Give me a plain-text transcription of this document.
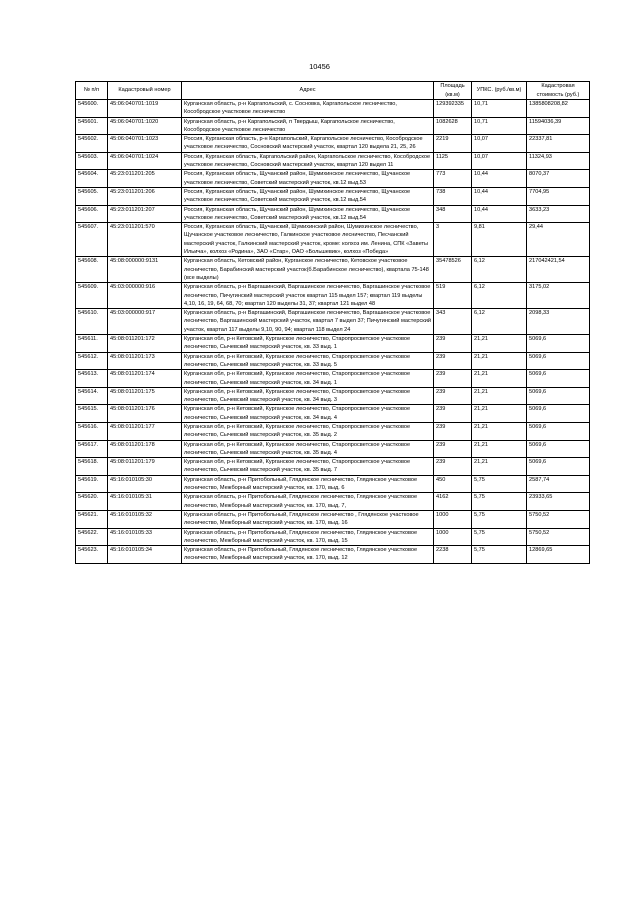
10456
№ п/п	Кадастровый номер	Адрес	Площадь (кв.м)	УПКС. (руб./кв.м)	Кадастровая стоимость (руб.)
545600.	45:06:040701:1019	Курганская область, р-н Каргапольский, с. Сосновка, Каргапольское лесничество, Кособродское участковое лесничество	129392335	10,71	1385808208,82
545601.	45:06:040701:1020	Курганская область, р-н Каргапольский, п Твердыш, Каргапольское лесничество, Кособродское участковое лесничество	1082628	10,71	11594036,39
545602.	45:06:040701:1023	Россия, Курганская область, р-н Каргапольский, Каргапольское лесничество, Кособродское участковое лесничество, Сосновский мастерский участок, квартал 120 выдела 21, 25, 26	2219	10,07	22337,81
545603.	45:06:040701:1024	Россия, Курганская область, Каргапольский район, Каргапольское лесничество, Кособродское участковое лесничество, Сосновский мастерский участок, квартал 120 выдел 11	1125	10,07	11324,93
545604.	45:23:011201:205	Россия, Курганская область, Щучанский район, Шумихинское лесничество, Щучанское участковое лесничество, Советский мастерский участок, кв.12 выд.53	773	10,44	8070,37
545605.	45:23:011201:206	Россия, Курганская область, Щучанский район, Шумихинское лесничество, Щучанское участковое лесничество, Советский мастерский участок, кв.12 выд.54	738	10,44	7704,95
545606.	45:23:011201:207	Россия, Курганская область, Щучанский район, Шумихинское лесничество, Щучанское участковое лесничество, Советский мастерский участок, кв.12 выд.54	348	10,44	3633,23
545607.	45:23:011201:570	Россия, Курганская область, Щучанский, Шумихинский район, Шумихинское лесничество, Щучанское участковое лесничество, Галкинское участковое лесничество, Песчанский мастерский участок, Галкинский мастерский участок, кроме: колхоз им. Ленина, СПК «Заветы Ильича», колхоз «Родина», ЗАО «Стар», ОАО «Большевик», колхоз «Победа»	3	9,81	29,44
545608.	45:08:000000:9131	Курганская область, Кетовский район, Курганское лесничество, Кетовское участковое лесничество, Барабинский мастерский участок(б.Барабинское лесничество), квартала 75-148 (все выделы)	35478526	6,12	217042421,54
545609.	45:03:000000:916	Курганская область, р-н Варгашинский, Варгашинское лесничество, Варгашинское участковое лесничество, Пичугинский мастерский участок квартал 115 выдел 157; квартал 119 выделы 4,10, 16, 19, 64, 68, 70; квартал 120 выделы 31, 37; квартал 121 выдел 48	519	6,12	3175,02
545610.	45:03:000000:917	Курганская область, р-н Варгашинский, Варгашинское лесничество, Варгашинское участковое лесничество, Варгашинский мастерский участок, квартал 7 выдел 37; Пичугинский мастерский участок, квартал 117 выделы 9,10, 90, 94; квартал 118 выдел 24	343	6,12	2098,33
545611.	45:08:011201:172	Курганская обл, р-н Кетовский, Курганское лесничество, Старопросветское участковое лесничество, Сычевский мастерский участок, кв. 33 выд. 1	239	21,21	5069,6
545612.	45:08:011201:173	Курганская обл, р-н Кетовский, Курганское лесничество, Старопросветское участковое лесничество, Сычевский мастерский участок, кв. 33 выд. 5	239	21,21	5069,6
545613.	45:08:011201:174	Курганская обл, р-н Кетовский, Курганское лесничество, Старопросветское участковое лесничество, Сычевский мастерский участок, кв. 34 выд. 1	239	21,21	5069,6
545614.	45:08:011201:175	Курганская обл, р-н Кетовский, Курганское лесничество, Старопросветское участковое лесничество, Сычевский мастерский участок, кв. 34 выд. 3	239	21,21	5069,6
545615.	45:08:011201:176	Курганская обл, р-н Кетовский, Курганское лесничество, Старопросветское участковое лесничество, Сычевский мастерский участок, кв. 34 выд. 4	239	21,21	5069,6
545616.	45:08:011201:177	Курганская обл, р-н Кетовский, Курганское лесничество, Старопросветское участковое лесничество, Сычевский мастерский участок, кв. 35 выд. 2	239	21,21	5069,6
545617.	45:08:011201:178	Курганская обл, р-н Кетовский, Курганское лесничество, Старопросветское участковое лесничество, Сычевский мастерский участок, кв. 35 выд. 4	239	21,21	5069,6
545618.	45:08:011201:179	Курганская обл, р-н Кетовский, Курганское лесничество, Старопросветское участковое лесничество, Сычевский мастерский участок, кв. 35 выд. 7	239	21,21	5069,6
545619.	45:16:010105:30	Курганская область, р-н Притобольный, Глядянское лесничество, Глядянское участковое лесничество, Межборный мастерский участок, кв. 170, выд. 6	450	5,75	2587,74
545620.	45:16:010105:31	Курганская область, р-н Притобольный, Глядянское лесничество, Глядянское участковое лесничество, Межборный мастерский участок, кв. 170, выд. 7,	4162	5,75	23933,65
545621.	45:16:010105:32	Курганская область, р-н Притобольный, Глядянское лесничество , Глядянское участковое лесничество, Межборный мастерский участок, кв. 170, выд. 16	1000	5,75	5750,52
545622.	45:16:010105:33	Курганская область, р-н Притобольный, Глядянское лесничество, Глядянское участковое лесничество, Межборный мастерский участок, кв. 170, выд. 15	1000	5,75	5750,52
545623.	45:16:010105:34	Курганская область, р-н Притобольный, Глядянское лесничество, Глядянское участковое лесничество, Межборный мастерский участок, кв. 170, выд. 12	2238	5,75	12869,65
